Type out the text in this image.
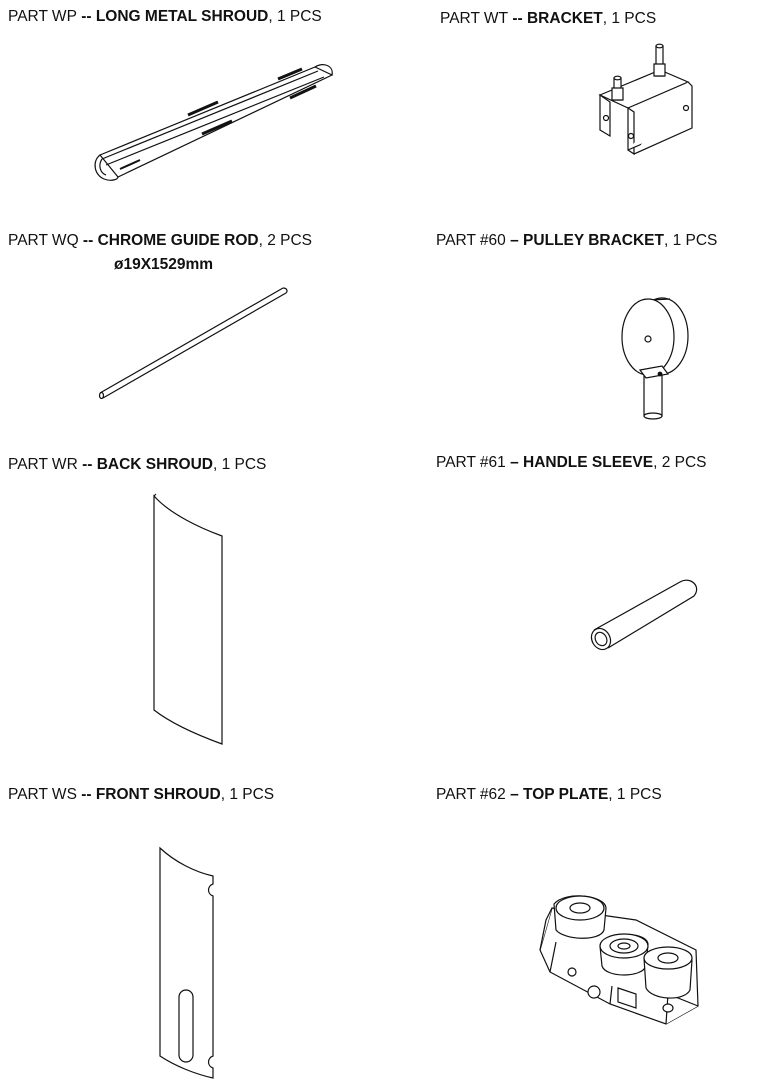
PART WP -- LONG METAL SHROUD, 1 PCS	PART WT -- BRACKET, 1 PCS
PART WQ -- CHROME GUIDE ROD, 2 PCS
ø19X1529mm
PART #60 – PULLEY BRACKET, 1 PCS
PART WR -- BACK SHROUD, 1 PCS	PART #61 – HANDLE SLEEVE, 2 PCS
PART WS -- FRONT SHROUD, 1 PCS	PART #62 – TOP PLATE, 1 PCS
